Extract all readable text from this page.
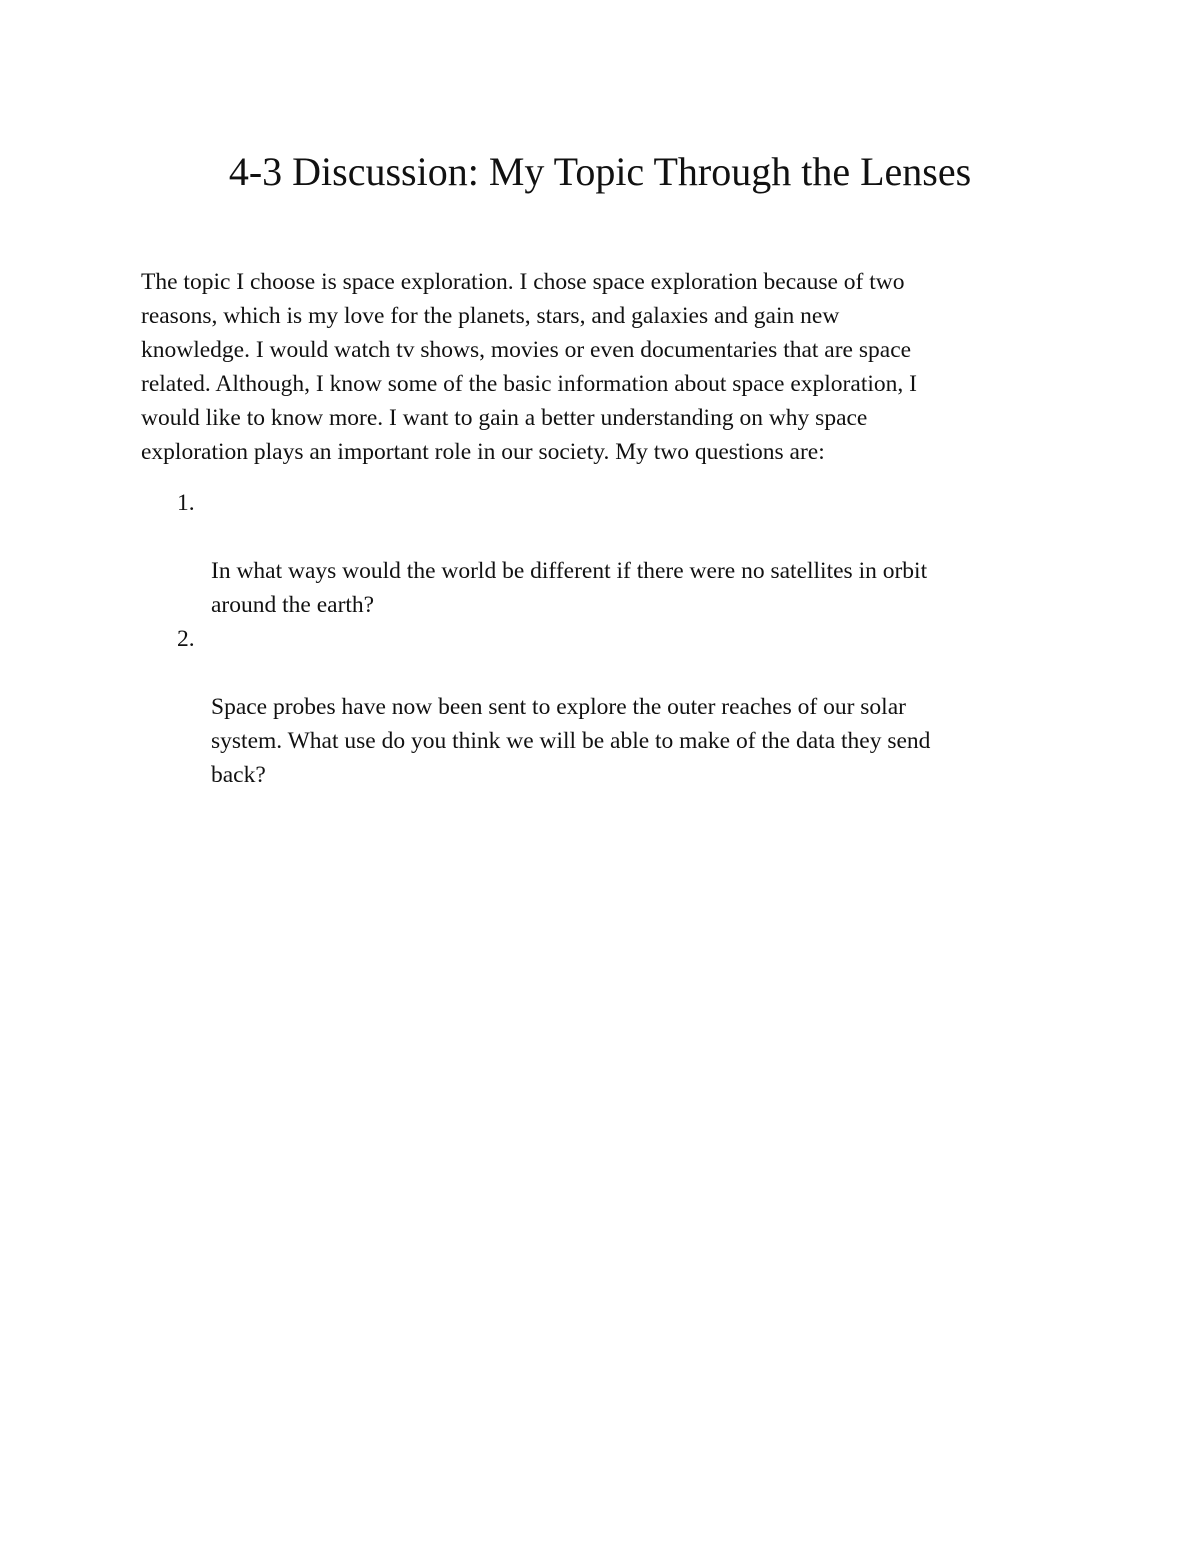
4-3 Discussion: My Topic Through the Lenses

The topic I choose is space exploration. I chose space exploration because of two
reasons, which is my love for the planets, stars, and galaxies and gain new
knowledge. I would watch tv shows, movies or even documentaries that are space
related. Although, I know some of the basic information about space exploration, I
would like to know more. I want to gain a better understanding on why space
exploration plays an important role in our society. My two questions are:

1.

In what ways would the world be different if there were no satellites in orbit
around the earth?

2.

Space probes have now been sent to explore the outer reaches of our solar
system. What use do you think we will be able to make of the data they send
back?
